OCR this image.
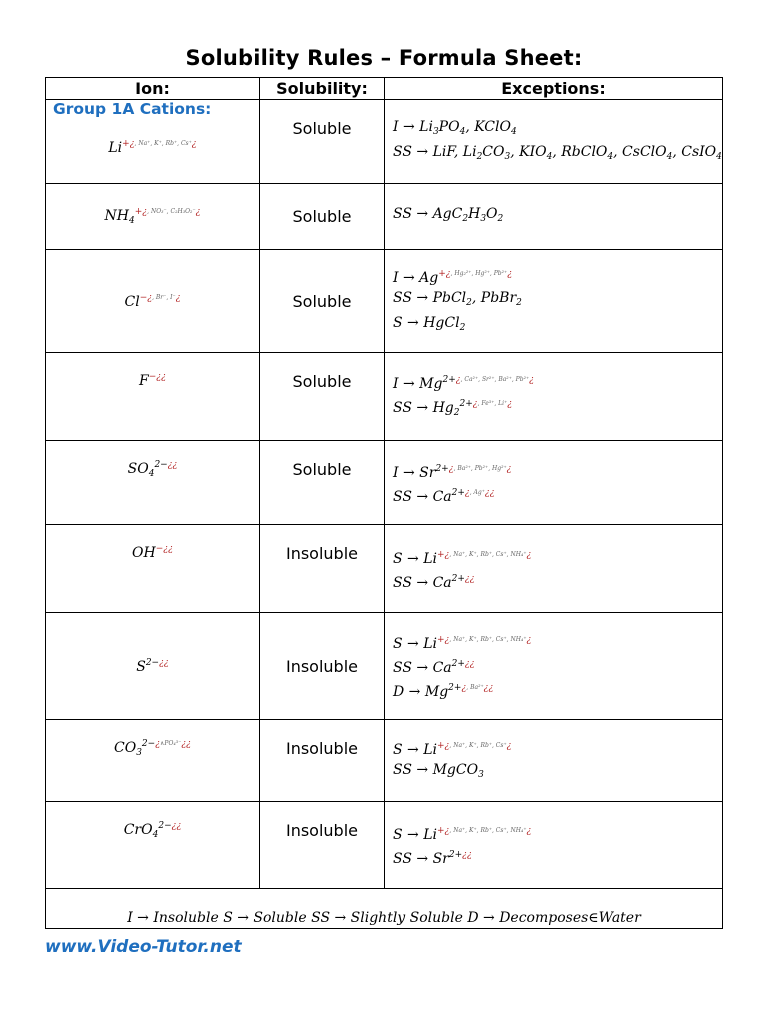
Solubility Rules – Formula Sheet:
Ion:	Solubility:	Exceptions:

Group 1A Cations:
$Li^{+¿, Na^+, K^+, Rb^+, Cs^+¿}$	Soluble	$I \to Li_3PO_4$, KClO$_4$
SS → LiF, $Li_2CO_3$, $KIO_4$, RbClO$_4$, CsClO$_4$, CsIO$_4$

$NH_4^{+¿, NO_3^-, C_2H_3O_2^-¿}$	Soluble	SS → $AgC_2H_3O_2$

$Cl^{-¿, Br^-, I^-¿}$	Soluble	$I \to Ag^{+¿, Hg_2^{2+}, Hg^{2+}, Pb^{2+}¿}$
SS → PbCl$_2$, PbBr$_2$
S → HgCl$_2$

F−¿¿	Soluble	$I \to Mg^{2+¿, Ca^{2+}, Sr^{2+}, Ba^{2+}, Pb^{2+}¿}$
SS → $Hg_2^{2+¿, Fe^{3+}, Li^+¿}$

$SO_4^{2-¿¿}$	Soluble	$I \to Sr^{2+¿, Ba^{2+}, Pb^{2+}, Hg^{2+}¿}$
SS → $Ca^{2+¿, Ag^+¿¿}$

OH−¿¿	Insoluble	$S \to Li^{+¿, Na^+, K^+, Rb^+, Cs^+, NH_4^+¿}$
SS → $Ca^{2+¿¿}$

$S^{2-¿¿}$	Insoluble	$S \to Li^{+¿, Na^+, K^+, Rb^+, Cs^+, NH_4^+¿}$
SS → $Ca^{2+¿¿}$
$D \to Mg^{2+¿, Ba^{2+}¿¿}$

$CO_3^{2-¿\wedge PO_4^{3-}¿¿}$	Insoluble	$S \to Li^{+¿, Na^+, K^+, Rb^+, Cs^+¿}$
SS → MgCO$_3$

CrO$_4^{2-¿¿}$	Insoluble	$S \to Li^{+¿, Na^+, K^+, Rb^+, Cs^+, NH_4^+¿}$
SS → $Sr^{2+¿¿}$

I → Insoluble S → Soluble SS → Slightly Soluble D → Decomposes∈Water		
www.Video-Tutor.net
